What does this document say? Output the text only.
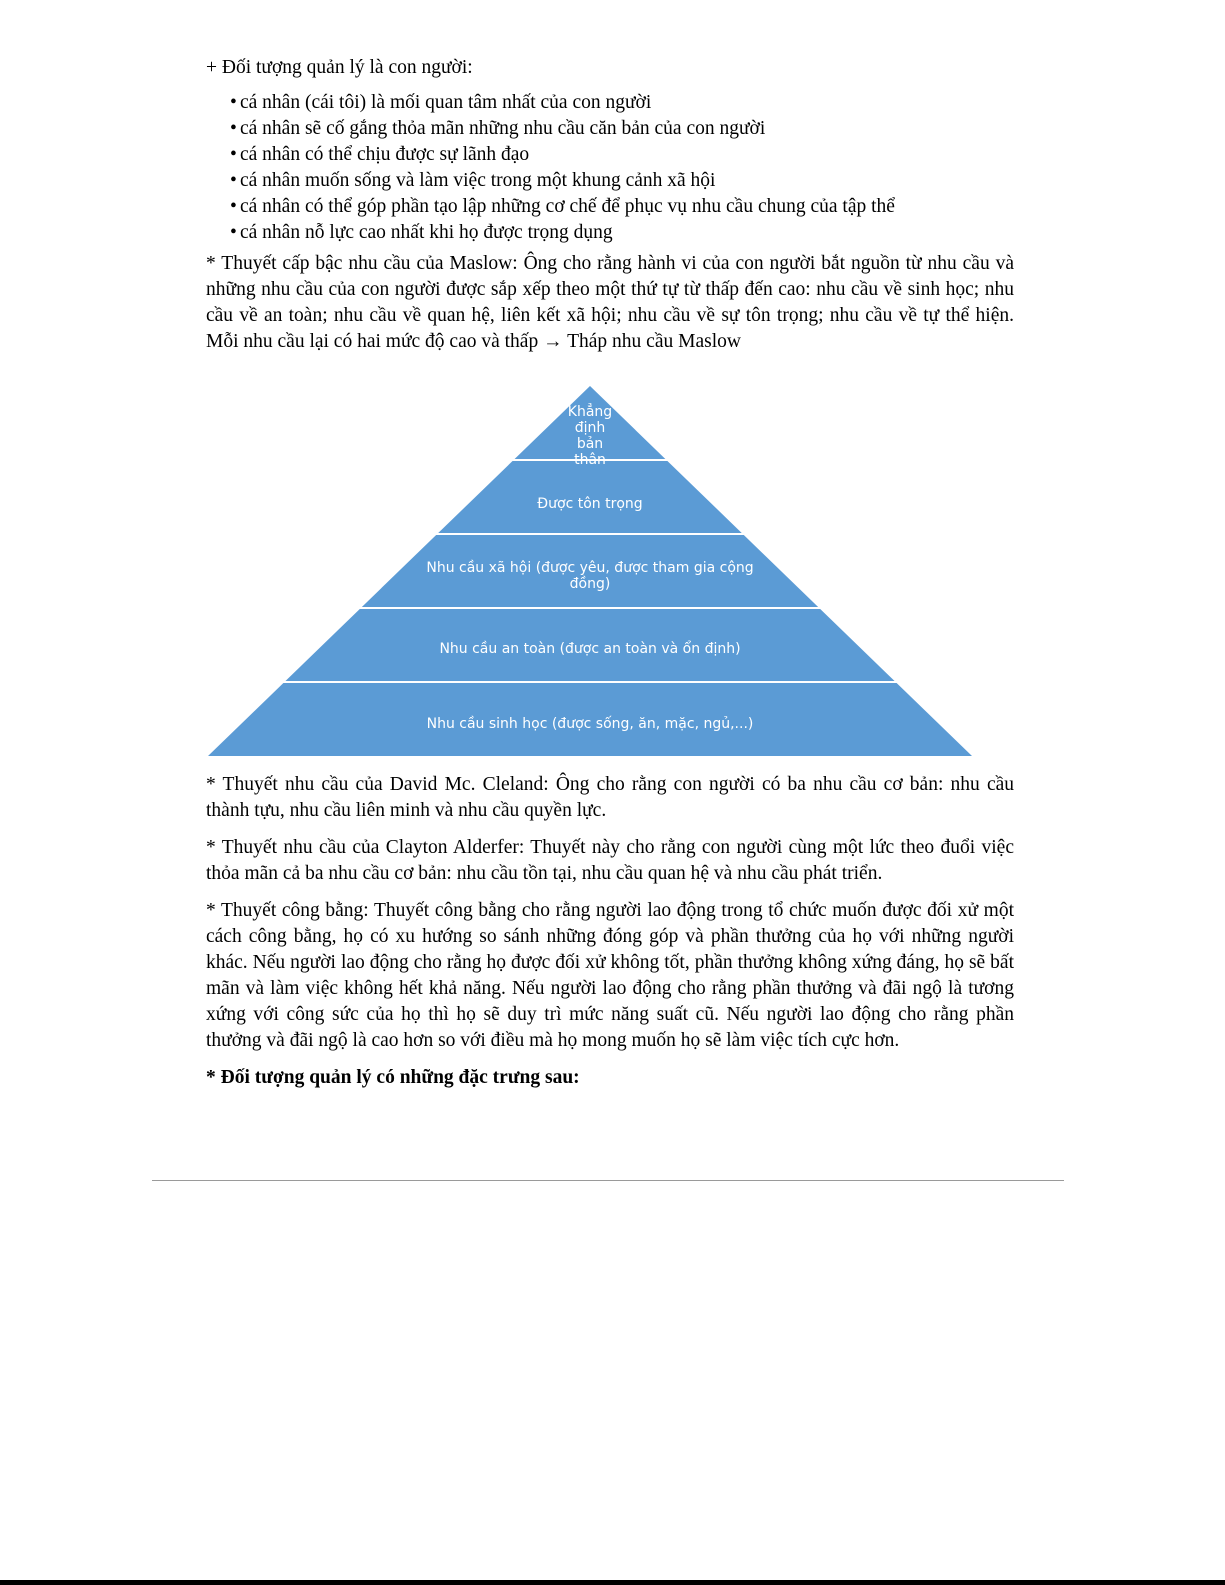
+ Đối tượng quản lý là con người:

• cá nhân (cái tôi) là mối quan tâm nhất của con người
• cá nhân sẽ cố gắng thỏa mãn những nhu cầu căn bản của con người
• cá nhân có thể chịu được sự lãnh đạo
• cá nhân muốn sống và làm việc trong một khung cảnh xã hội
• cá nhân có thể góp phần tạo lập những cơ chế để phục vụ nhu cầu chung của tập thể
• cá nhân nỗ lực cao nhất khi họ được trọng dụng

* Thuyết cấp bậc nhu cầu của Maslow: Ông cho rằng hành vi của con người bắt nguồn từ nhu cầu và những nhu cầu của con người được sắp xếp theo một thứ tự từ thấp đến cao: nhu cầu về sinh học; nhu cầu về an toàn; nhu cầu về quan hệ, liên kết xã hội; nhu cầu về sự tôn trọng; nhu cầu về tự thể hiện. Mỗi nhu cầu lại có hai mức độ cao và thấp → Tháp nhu cầu Maslow

Khẳng định bản thân
Được tôn trọng
Nhu cầu xã hội (được yêu, được tham gia cộng đồng)
Nhu cầu an toàn (được an toàn và ổn định)
Nhu cầu sinh học (được sống, ăn, mặc, ngủ,...)

* Thuyết nhu cầu của David Mc. Cleland: Ông cho rằng con người có ba nhu cầu cơ bản: nhu cầu thành tựu, nhu cầu liên minh và nhu cầu quyền lực.

* Thuyết nhu cầu của Clayton Alderfer: Thuyết này cho rằng con người cùng một lức theo đuổi việc thỏa mãn cả ba nhu cầu cơ bản: nhu cầu tồn tại, nhu cầu quan hệ và nhu cầu phát triển.

* Thuyết công bằng: Thuyết công bằng cho rằng người lao động trong tổ chức muốn được đối xử một cách công bằng, họ có xu hướng so sánh những đóng góp và phần thưởng của họ với những người khác. Nếu người lao động cho rằng họ được đối xử không tốt, phần thưởng không xứng đáng, họ sẽ bất mãn và làm việc không hết khả năng. Nếu người lao động cho rằng phần thưởng và đãi ngộ là tương xứng với công sức của họ thì họ sẽ duy trì mức năng suất cũ. Nếu người lao động cho rằng phần thưởng và đãi ngộ là cao hơn so với điều mà họ mong muốn họ sẽ làm việc tích cực hơn.

* Đối tượng quản lý có những đặc trưng sau:
